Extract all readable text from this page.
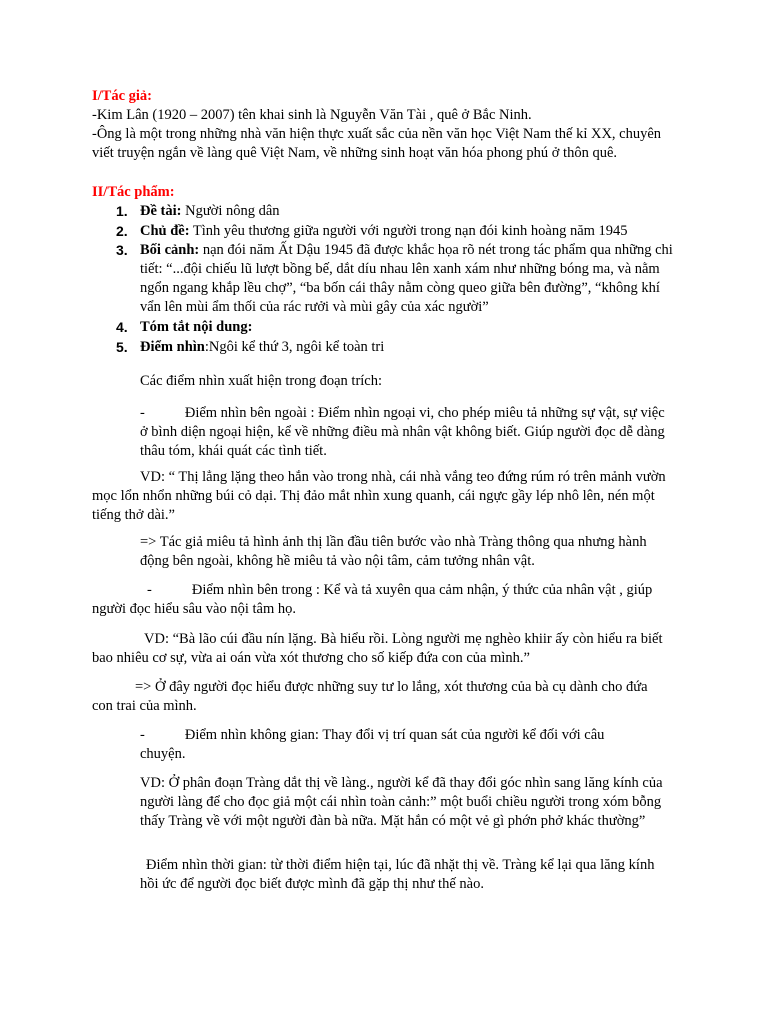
I/Tác giả:
-Kim Lân (1920 – 2007) tên khai sinh là Nguyễn Văn Tài , quê ở Bắc Ninh.
-Ông là một trong những nhà văn hiện thực xuất sắc của nền văn học Việt Nam thế kỉ XX, chuyên viết truyện ngắn về làng quê Việt Nam, về những sinh hoạt văn hóa phong phú ở thôn quê.
II/Tác phẩm:
1. Đề tài: Người nông dân
2. Chủ đề: Tình yêu thương giữa người với người trong nạn đói kinh hoàng năm 1945
3. Bối cảnh: nạn đói năm Ất Dậu 1945 đã được khắc họa rõ nét trong tác phẩm qua những chi tiết: “...đội chiếu lũ lượt bồng bế, dắt díu nhau lên xanh xám như những bóng ma, và nằm ngổn ngang khắp lều chợ”, “ba bốn cái thây nằm còng queo giữa bên đường”, “không khí vẩn lên mùi ẩm thối của rác rưởi và mùi gây của xác người”
4. Tóm tắt nội dung:
5. Điểm nhìn:Ngôi kể thứ 3, ngôi kể toàn tri
Các điểm nhìn xuất hiện trong đoạn trích:
-	Điểm nhìn bên ngoài : Điểm nhìn ngoại vi, cho phép miêu tả những sự vật, sự việc ở bình diện ngoại hiện, kể về những điều mà nhân vật không biết. Giúp người đọc dễ dàng thâu tóm, khái quát các tình tiết.
VD: “ Thị lẳng lặng theo hắn vào trong nhà, cái nhà vắng teo đứng rúm ró trên mảnh vườn mọc lổn nhổn những búi cỏ dại. Thị đảo mắt nhìn xung quanh, cái ngực gầy lép nhô lên, nén một tiếng thở dài.”
=> Tác giả miêu tả hình ảnh thị lần đầu tiên bước vào nhà Tràng thông qua nhưng hành động bên ngoài, không hề miêu tả vào nội tâm, cảm tưởng nhân vật.
-	Điểm nhìn bên trong : Kể và tả xuyên qua cảm nhận, ý thức của nhân vật , giúp người đọc hiểu sâu vào nội tâm họ.
VD: “Bà lão cúi đầu nín lặng. Bà hiểu rồi. Lòng người mẹ nghèo khiir ấy còn hiểu ra biết bao nhiêu cơ sự, vừa ai oán vừa xót thương cho số kiếp đứa con của mình.”
=> Ở đây người đọc hiểu được những suy tư lo lắng, xót thương của bà cụ dành cho đứa con trai của mình.
-	Điểm nhìn không gian: Thay đổi vị trí quan sát của người kể đối với câu chuyện.
VD: Ở phân đoạn Tràng dắt thị về làng., người kể đã thay đổi góc nhìn sang lăng kính của người làng để cho đọc giả một cái nhìn toàn cảnh:” một buổi chiều người trong xóm bỗng thấy Tràng về với một người đàn bà nữa. Mặt hắn có một vẻ gì phớn phở khác thường”
Điểm nhìn thời gian: từ thời điểm hiện tại, lúc đã nhặt thị về. Tràng kể lại qua lăng kính hồi ức để người đọc biết được mình đã gặp thị như thế nào.
